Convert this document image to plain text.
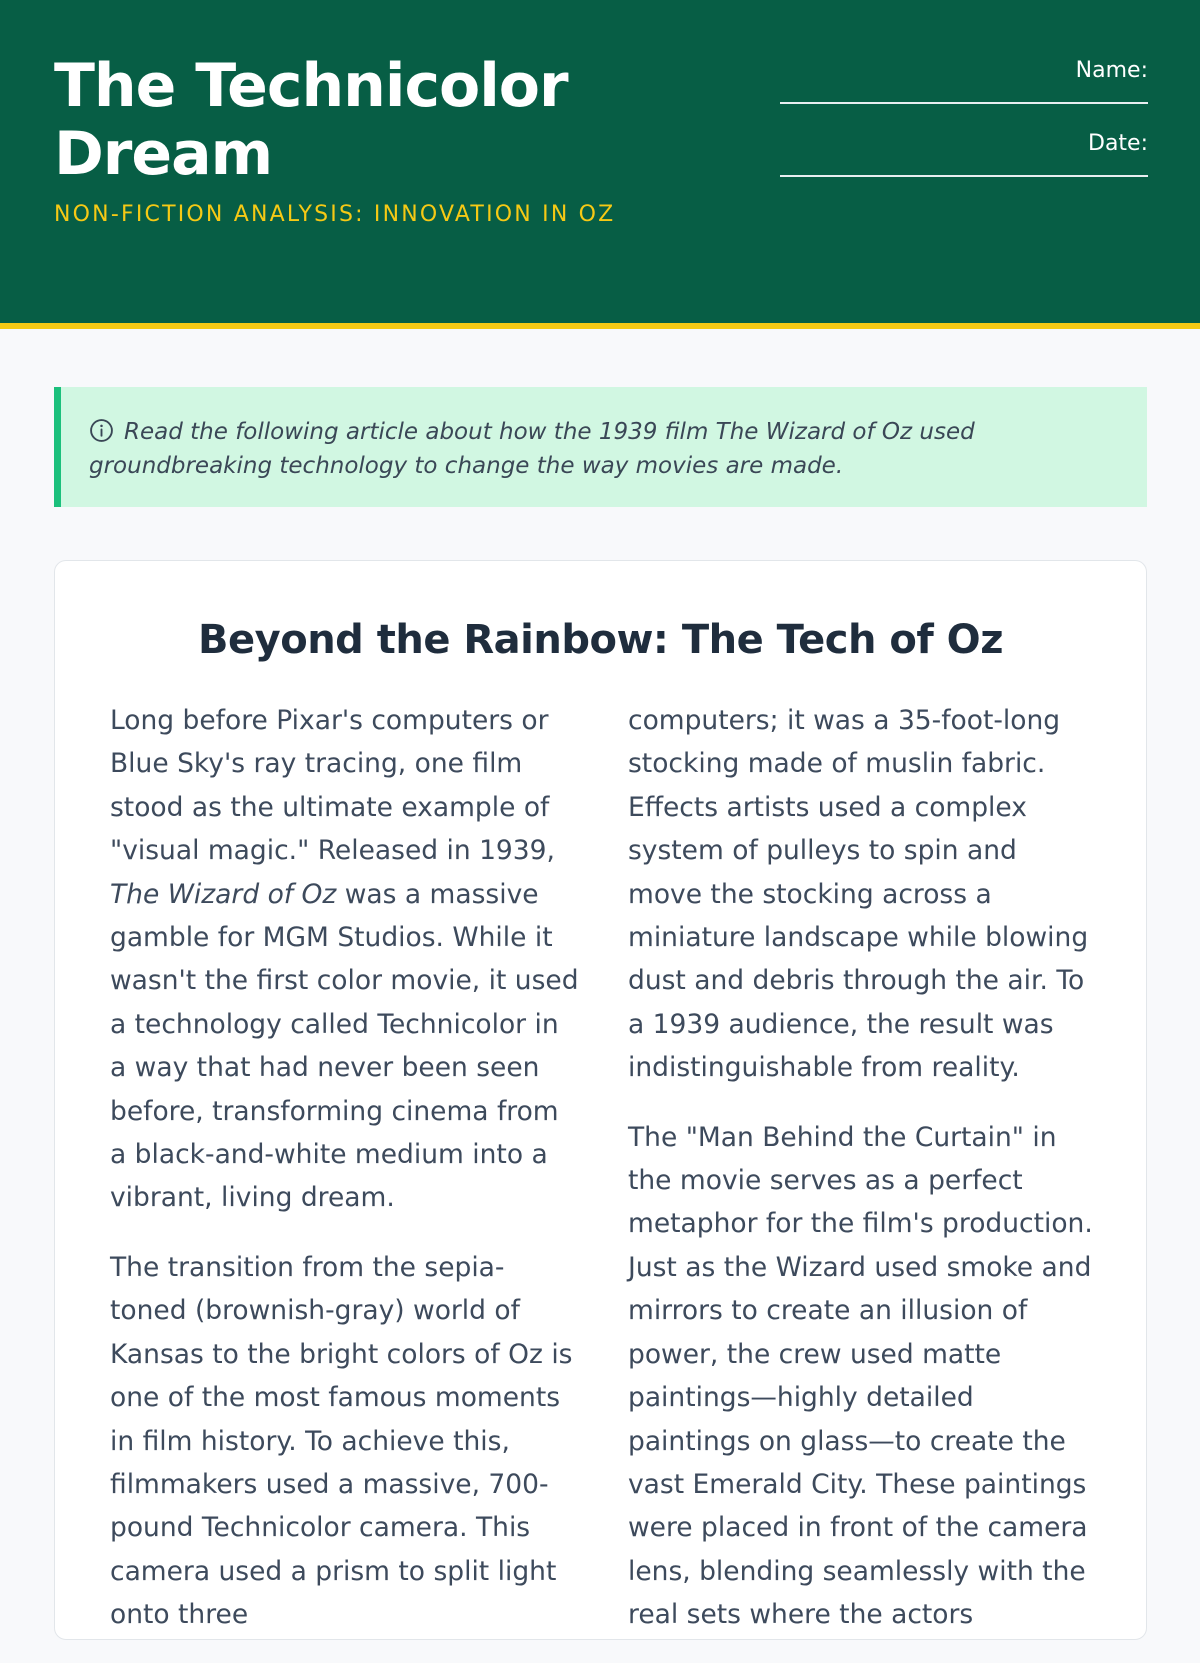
The Technicolor Dream
NON-FICTION ANALYSIS: INNOVATION IN OZ
Name:
Date:
Read the following article about how the 1939 film The Wizard of Oz used groundbreaking technology to change the way movies are made.
Beyond the Rainbow: The Tech of Oz

Long before Pixar's computers or Blue Sky's ray tracing, one film stood as the ultimate example of "visual magic." Released in 1939, The Wizard of Oz was a massive gamble for MGM Studios. While it wasn't the first color movie, it used a technology called Technicolor in a way that had never been seen before, transforming cinema from a black-and-white medium into a vibrant, living dream.

The transition from the sepia-toned (brownish-gray) world of Kansas to the bright colors of Oz is one of the most famous moments in film history. To achieve this, filmmakers used a massive, 700-pound Technicolor camera. This camera used a prism to split light onto three

computers; it was a 35-foot-long stocking made of muslin fabric. Effects artists used a complex system of pulleys to spin and move the stocking across a miniature landscape while blowing dust and debris through the air. To a 1939 audience, the result was indistinguishable from reality.

The "Man Behind the Curtain" in the movie serves as a perfect metaphor for the film's production. Just as the Wizard used smoke and mirrors to create an illusion of power, the crew used matte paintings—highly detailed paintings on glass—to create the vast Emerald City. These paintings were placed in front of the camera lens, blending seamlessly with the real sets where the actors
